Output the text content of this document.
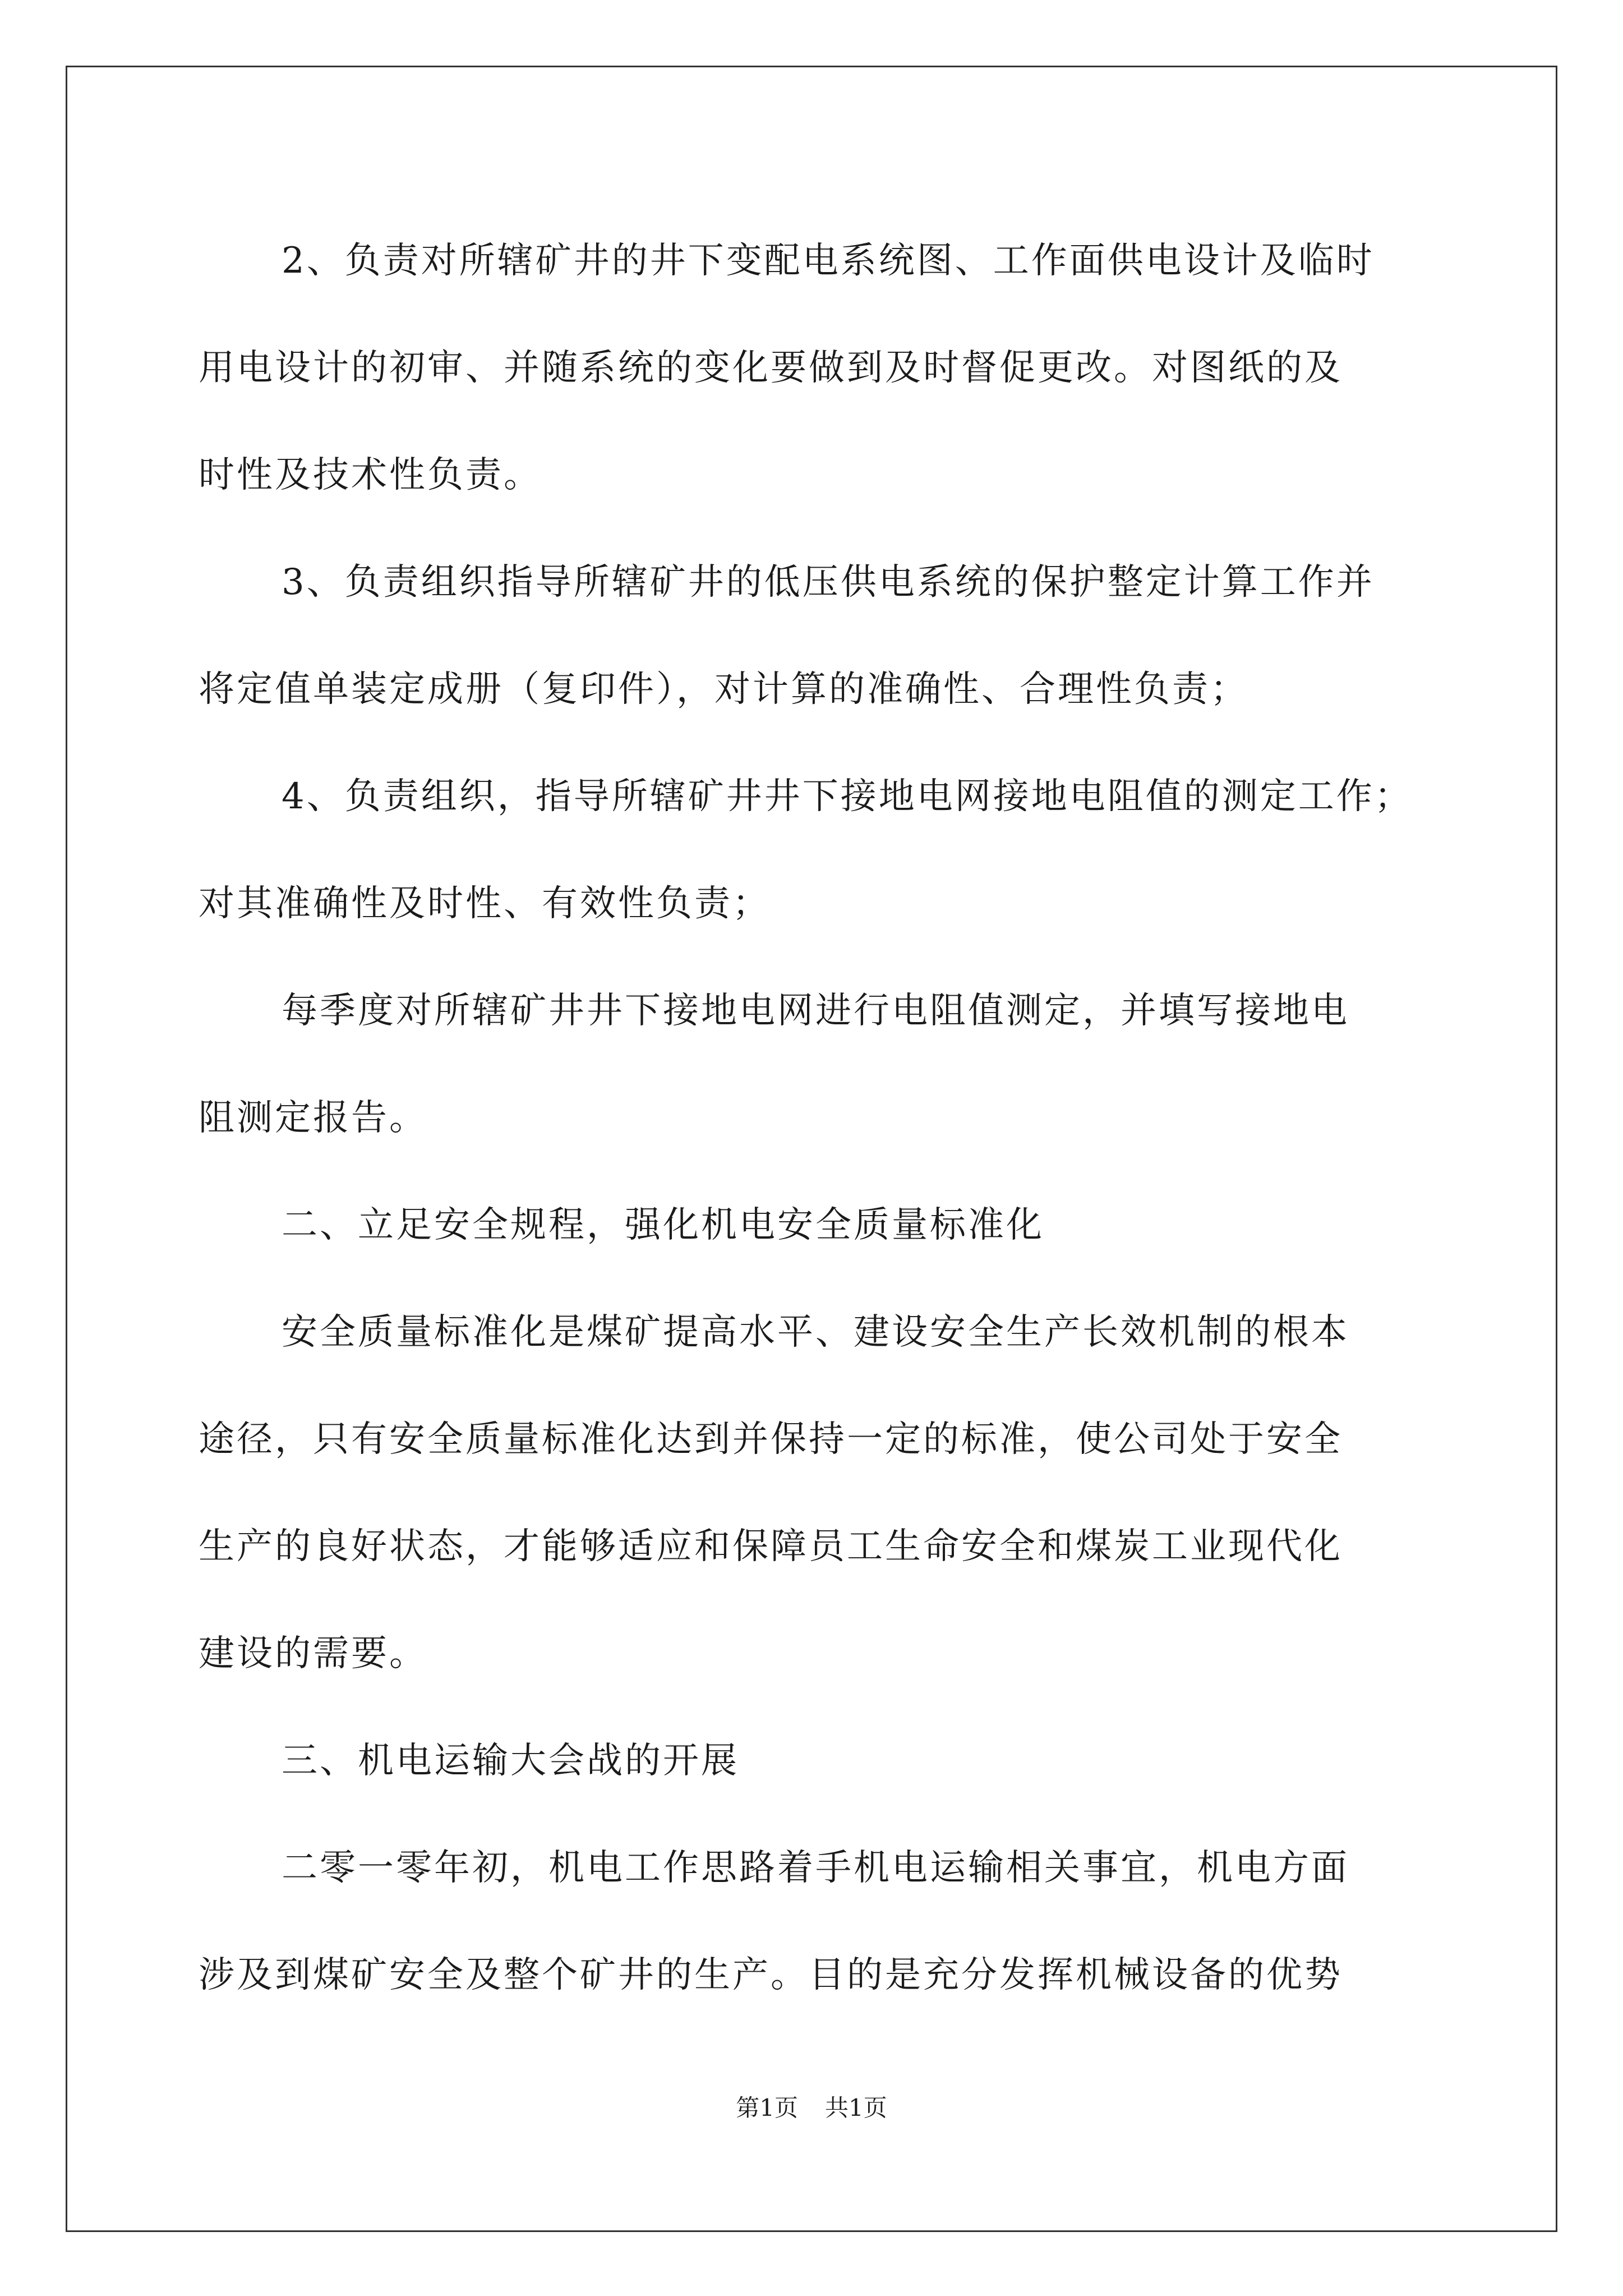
2、负责对所辖矿井的井下变配电系统图、工作面供电设计及临时
用电设计的初审、并随系统的变化要做到及时督促更改。对图纸的及
时性及技术性负责。
3、负责组织指导所辖矿井的低压供电系统的保护整定计算工作并
将定值单装定成册（复印件），对计算的准确性、合理性负责；
4、负责组织，指导所辖矿井井下接地电网接地电阻值的测定工作；
对其准确性及时性、有效性负责；
每季度对所辖矿井井下接地电网进行电阻值测定，并填写接地电
阻测定报告。
二、立足安全规程，强化机电安全质量标准化
安全质量标准化是煤矿提高水平、建设安全生产长效机制的根本
途径，只有安全质量标准化达到并保持一定的标准，使公司处于安全
生产的良好状态，才能够适应和保障员工生命安全和煤炭工业现代化
建设的需要。
三、机电运输大会战的开展
二零一零年初，机电工作思路着手机电运输相关事宜，机电方面
涉及到煤矿安全及整个矿井的生产。目的是充分发挥机械设备的优势
第1页 共1页
